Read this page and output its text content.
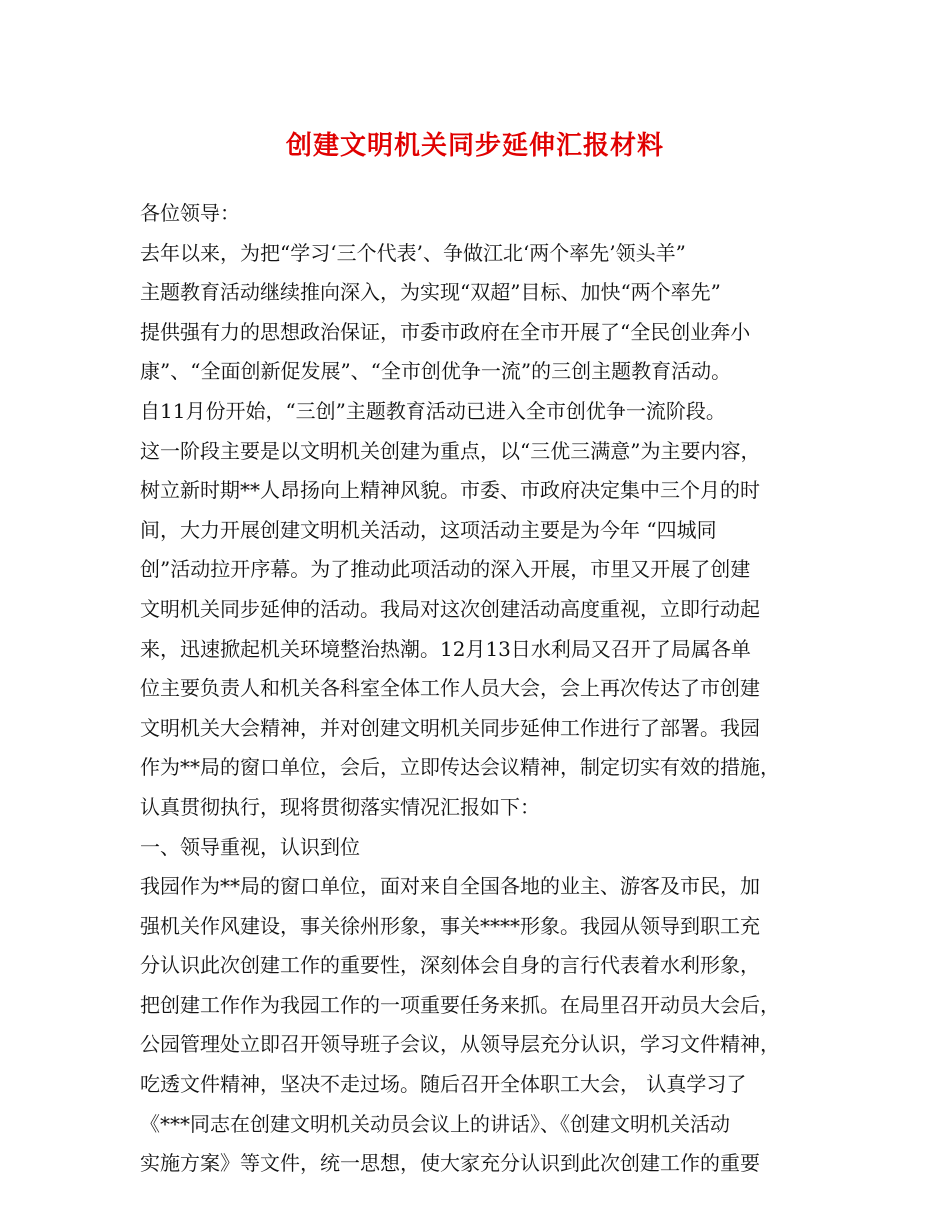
创建文明机关同步延伸汇报材料
各位领导：
去年以来，为把“学习‘三个代表’、争做江北‘两个率先’领头羊”
主题教育活动继续推向深入，为实现“双超”目标、加快“两个率先”
提供强有力的思想政治保证，市委市政府在全市开展了“全民创业奔小
康”、“全面创新促发展”、“全市创优争一流”的三创主题教育活动。
自11月份开始，“三创”主题教育活动已进入全市创优争一流阶段。
这一阶段主要是以文明机关创建为重点，以“三优三满意”为主要内容，
树立新时期**人昂扬向上精神风貌。市委、市政府决定集中三个月的时
间，大力开展创建文明机关活动，这项活动主要是为今年 “四城同
创”活动拉开序幕。为了推动此项活动的深入开展，市里又开展了创建
文明机关同步延伸的活动。我局对这次创建活动高度重视，立即行动起
来，迅速掀起机关环境整治热潮。12月13日水利局又召开了局属各单
位主要负责人和机关各科室全体工作人员大会，会上再次传达了市创建
文明机关大会精神，并对创建文明机关同步延伸工作进行了部署。我园
作为**局的窗口单位，会后，立即传达会议精神，制定切实有效的措施，
认真贯彻执行，现将贯彻落实情况汇报如下：
一、领导重视，认识到位
我园作为**局的窗口单位，面对来自全国各地的业主、游客及市民，加
强机关作风建设，事关徐州形象，事关****形象。我园从领导到职工充
分认识此次创建工作的重要性，深刻体会自身的言行代表着水利形象，
把创建工作作为我园工作的一项重要任务来抓。在局里召开动员大会后，
公园管理处立即召开领导班子会议，从领导层充分认识，学习文件精神，
吃透文件精神，坚决不走过场。随后召开全体职工大会， 认真学习了
《***同志在创建文明机关动员会议上的讲话》、《创建文明机关活动
实施方案》等文件，统一思想，使大家充分认识到此次创建工作的重要
